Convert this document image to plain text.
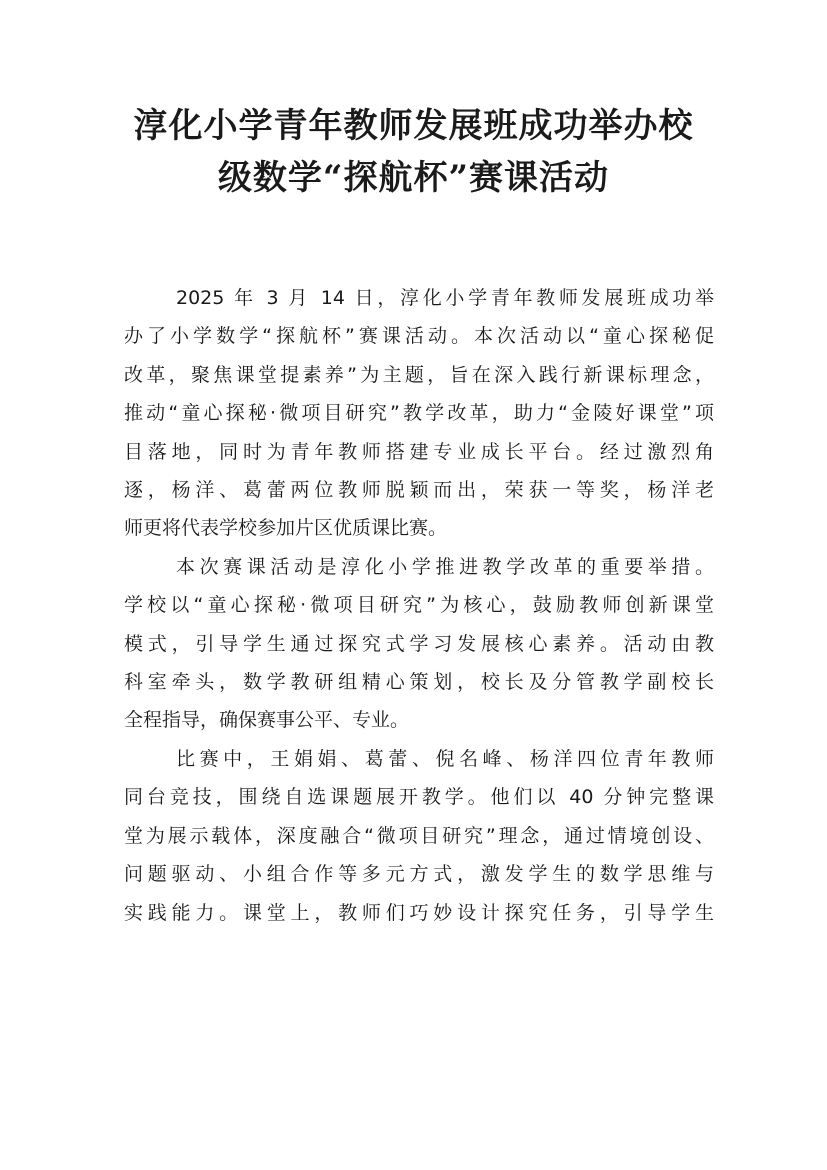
淳化小学青年教师发展班成功举办校
级数学“探航杯”赛课活动
2025 年 3 月 14 日，淳化小学青年教师发展班成功举
办了小学数学“探航杯”赛课活动。本次活动以“童心探秘促
改革，聚焦课堂提素养”为主题，旨在深入践行新课标理念，
推动“童心探秘·微项目研究”教学改革，助力“金陵好课堂”项
目落地，同时为青年教师搭建专业成长平台。经过激烈角
逐，杨洋、葛蕾两位教师脱颖而出，荣获一等奖，杨洋老
师更将代表学校参加片区优质课比赛。
本次赛课活动是淳化小学推进教学改革的重要举措。
学校以“童心探秘·微项目研究”为核心，鼓励教师创新课堂
模式，引导学生通过探究式学习发展核心素养。活动由教
科室牵头，数学教研组精心策划，校长及分管教学副校长
全程指导，确保赛事公平、专业。
比赛中，王娟娟、葛蕾、倪名峰、杨洋四位青年教师
同台竞技，围绕自选课题展开教学。他们以 40 分钟完整课
堂为展示载体，深度融合“微项目研究”理念，通过情境创设、
问题驱动、小组合作等多元方式，激发学生的数学思维与
实践能力。课堂上，教师们巧妙设计探究任务，引导学生
